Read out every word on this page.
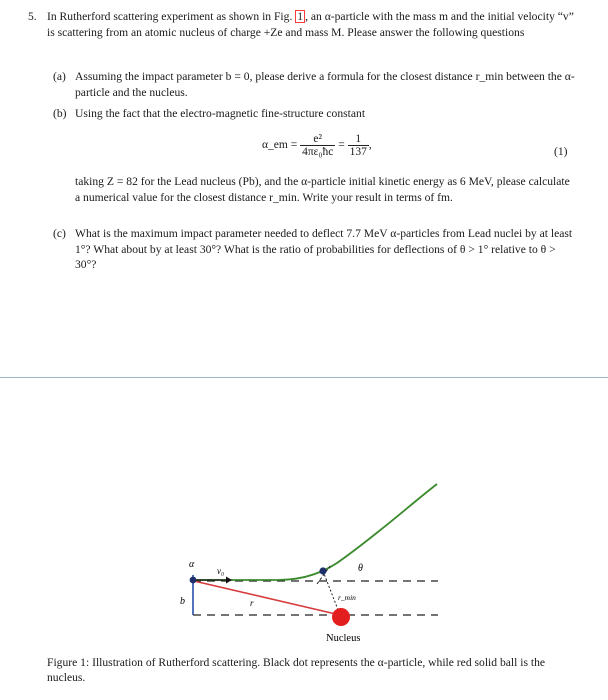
5. In Rutherford scattering experiment as shown in Fig. 1 , an α-particle with the mass m and the initial velocity “v” is scattering from an atomic nucleus of charge +Ze and mass M. Please answer the following questions
(a) Assuming the impact parameter b = 0, please derive a formula for the closest distance r_min between the α-particle and the nucleus.
(b) Using the fact that the electro-magnetic fine-structure constant
α_em = $\frac{\text{e²}}{\text{4πε₀ħc}} = \frac{1}{137}$ ,	(1)
taking Z = 82 for the Lead nucleus (Pb), and the α-particle initial kinetic energy as 6 MeV, please calculate a numerical value for the closest distance r_min. Write your result in terms of fm.
(c) What is the maximum impact parameter needed to deflect 7.7 MeV α-particles from Lead nuclei by at least 1°? What about by at least 30°? What is the ratio of probabilities for deflections of θ > 1° relative to θ > 30°?
α
v₀	θ
b	r
r_min
Nucleus
Figure 1: Illustration of Rutherford scattering. Black dot represents the α-particle, while red solid ball is the nucleus.
